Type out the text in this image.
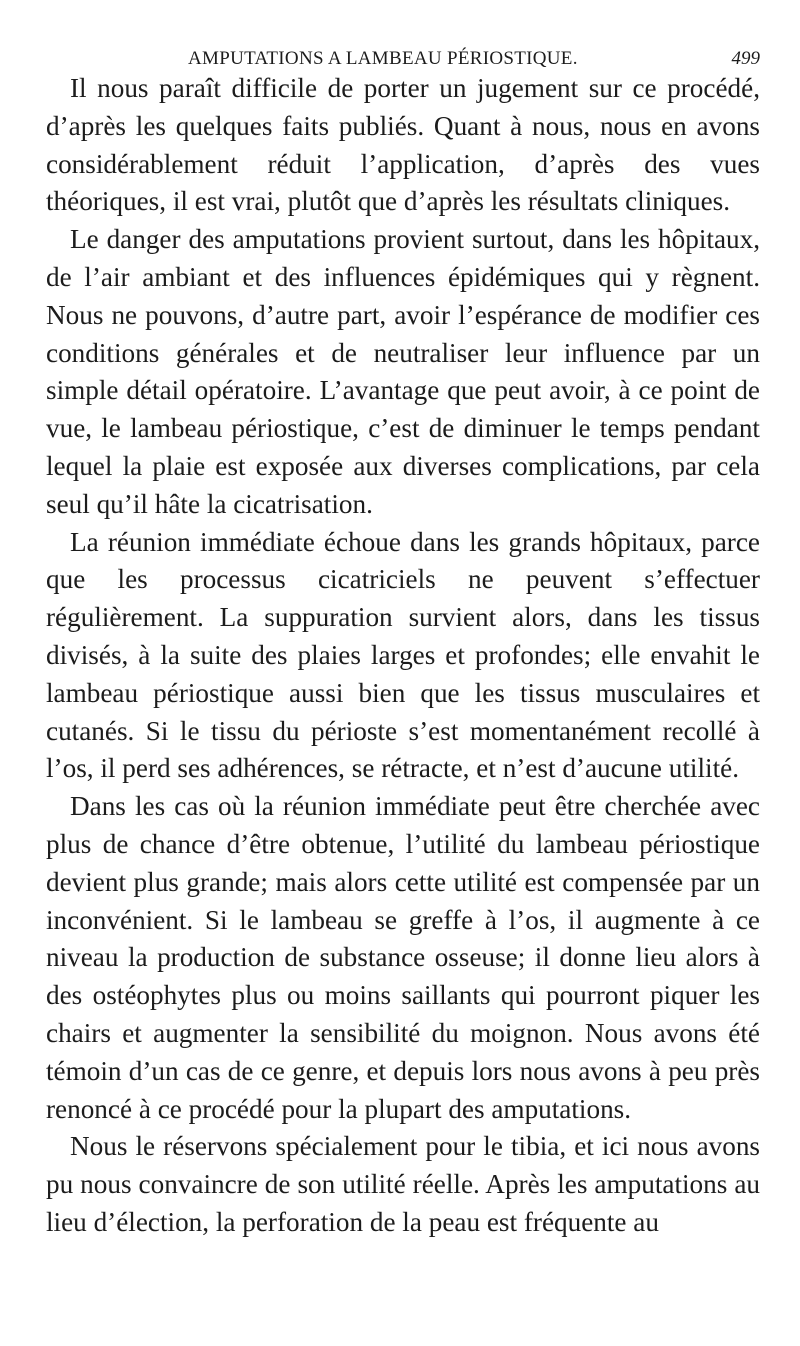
AMPUTATIONS A LAMBEAU PÉRIOSTIQUE.	499

Il nous paraît difficile de porter un jugement sur ce procédé, d’après les quelques faits publiés. Quant à nous, nous en avons considérablement réduit l’application, d’après des vues théoriques, il est vrai, plutôt que d’après les résultats cliniques.

Le danger des amputations provient surtout, dans les hôpitaux, de l’air ambiant et des influences épidémiques qui y règnent. Nous ne pouvons, d’autre part, avoir l’espérance de modifier ces conditions générales et de neutraliser leur influence par un simple détail opératoire. L’avantage que peut avoir, à ce point de vue, le lambeau périostique, c’est de diminuer le temps pendant lequel la plaie est exposée aux diverses complications, par cela seul qu’il hâte la cicatrisation.

La réunion immédiate échoue dans les grands hôpitaux, parce que les processus cicatriciels ne peuvent s’effectuer régulièrement. La suppuration survient alors, dans les tissus divisés, à la suite des plaies larges et profondes; elle envahit le lambeau périostique aussi bien que les tissus musculaires et cutanés. Si le tissu du périoste s’est momentanément recollé à l’os, il perd ses adhérences, se rétracte, et n’est d’aucune utilité.

Dans les cas où la réunion immédiate peut être cherchée avec plus de chance d’être obtenue, l’utilité du lambeau périostique devient plus grande; mais alors cette utilité est compensée par un inconvénient. Si le lambeau se greffe à l’os, il augmente à ce niveau la production de substance osseuse; il donne lieu alors à des ostéophytes plus ou moins saillants qui pourront piquer les chairs et augmenter la sensibilité du moignon. Nous avons été témoin d’un cas de ce genre, et depuis lors nous avons à peu près renoncé à ce procédé pour la plupart des amputations.

Nous le réservons spécialement pour le tibia, et ici nous avons pu nous convaincre de son utilité réelle. Après les amputations au lieu d’élection, la perforation de la peau est fréquente au
